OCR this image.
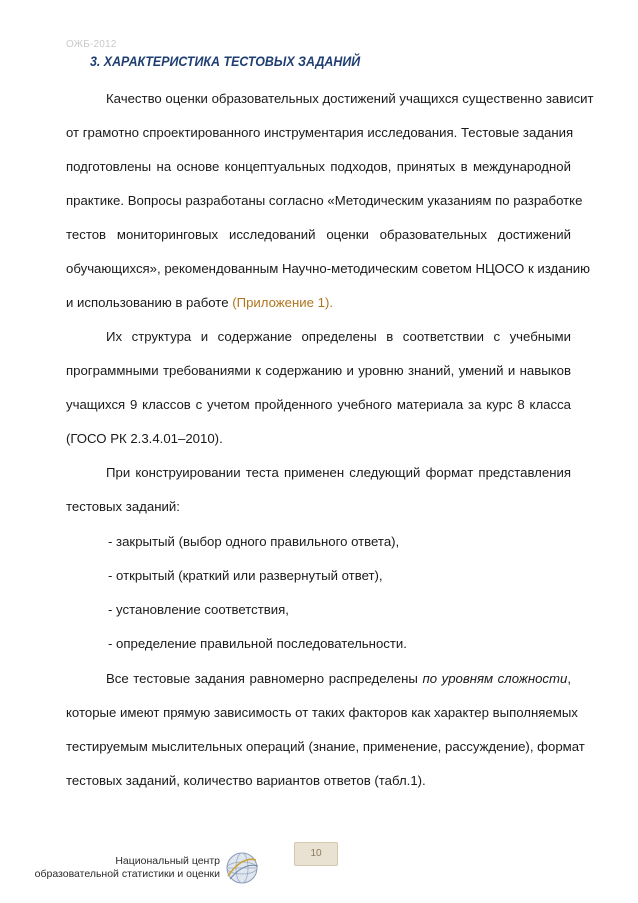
ОЖБ-2012
3. ХАРАКТЕРИСТИКА ТЕСТОВЫХ ЗАДАНИЙ
Качество оценки образовательных достижений учащихся существенно зависит
от грамотно спроектированного инструментария исследования. Тестовые задания
подготовлены на основе концептуальных подходов, принятых в международной
практике. Вопросы разработаны согласно «Методическим указаниям по разработке
тестов мониторинговых исследований оценки образовательных достижений
обучающихся», рекомендованным Научно-методическим советом НЦОСО к изданию
и использованию в работе (Приложение 1).
Их структура и содержание определены в соответствии с учебными
программными требованиями к содержанию и уровню знаний, умений и навыков
учащихся 9 классов с учетом пройденного учебного материала за курс 8 класса
(ГОСО РК 2.3.4.01–2010).
При конструировании теста применен следующий формат представления
тестовых заданий:
- закрытый (выбор одного правильного ответа),
- открытый (краткий или развернутый ответ),
- установление соответствия,
- определение правильной последовательности.
Все тестовые задания равномерно распределены по уровням сложности,
которые имеют прямую зависимость от таких факторов как характер выполняемых
тестируемым мыслительных операций (знание, применение, рассуждение), формат
тестовых заданий, количество вариантов ответов (табл.1).
Национальный центр
образовательной статистики и оценки
10
